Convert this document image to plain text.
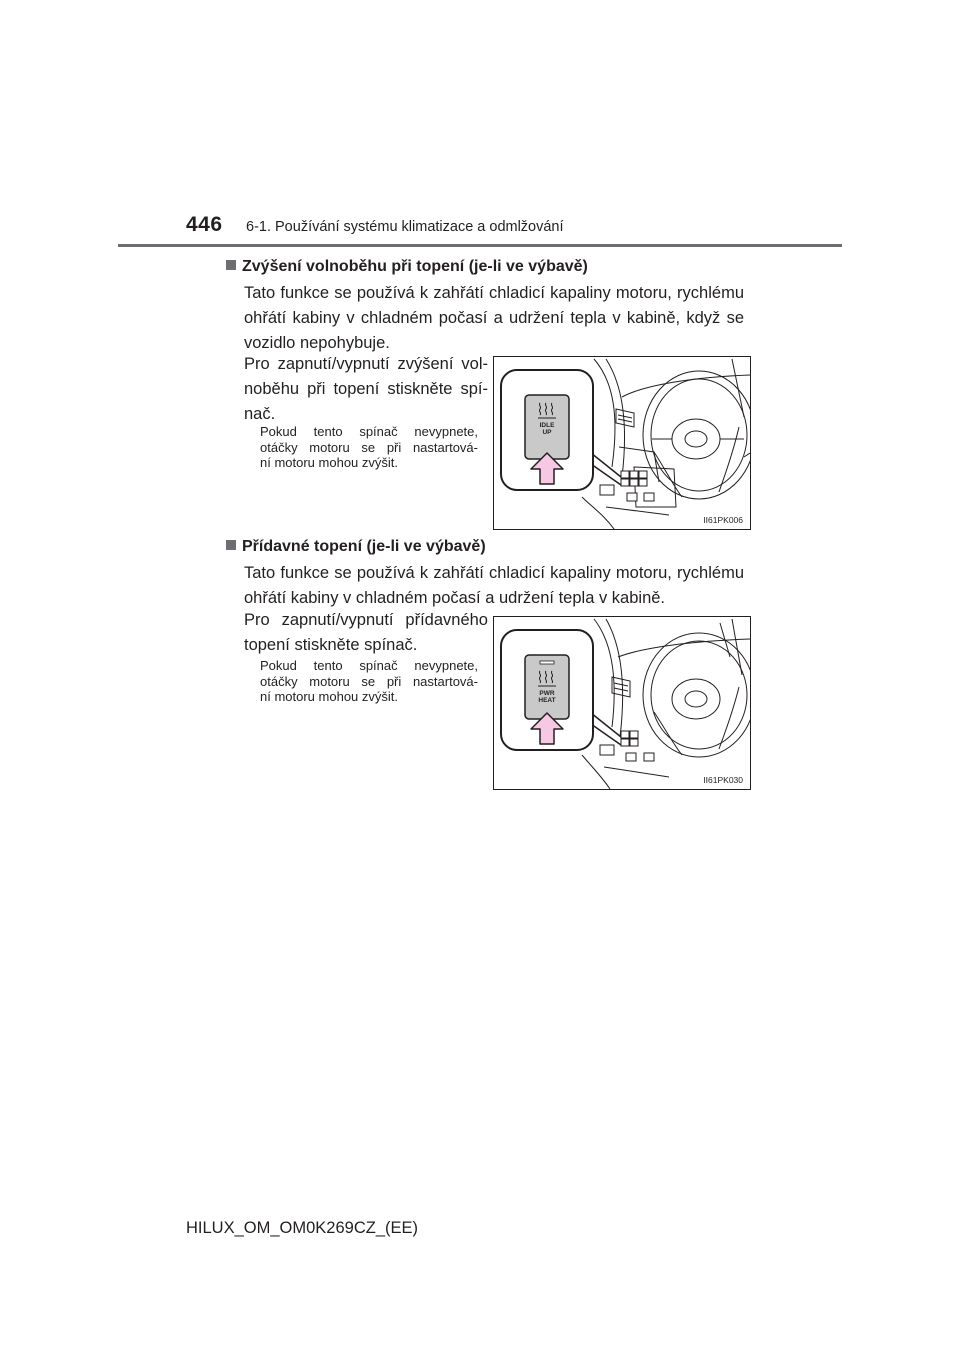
446 6-1. Používání systému klimatizace a odmlžování
Zvýšení volnoběhu při topení (je-li ve výbavě)
Tato funkce se používá k zahřátí chladicí kapaliny motoru, rychlému
ohřátí kabiny v chladném počasí a udržení tepla v kabině, když se
vozidlo nepohybuje.
Pro zapnutí/vypnutí zvýšení vol-
noběhu při topení stiskněte spí-
nač.
Pokud tento spínač nevypnete,
otáčky motoru se při nastartová-
ní motoru mohou zvýšit.
IDLE
UP
II61PK006
Přídavné topení (je-li ve výbavě)
Tato funkce se používá k zahřátí chladicí kapaliny motoru, rychlému
ohřátí kabiny v chladném počasí a udržení tepla v kabině.
Pro zapnutí/vypnutí přídavného
topení stiskněte spínač.
Pokud tento spínač nevypnete,
otáčky motoru se při nastartová-
ní motoru mohou zvýšit.	PWR
HEAT
II61PK030
HILUX_OM_OM0K269CZ_(EE)
